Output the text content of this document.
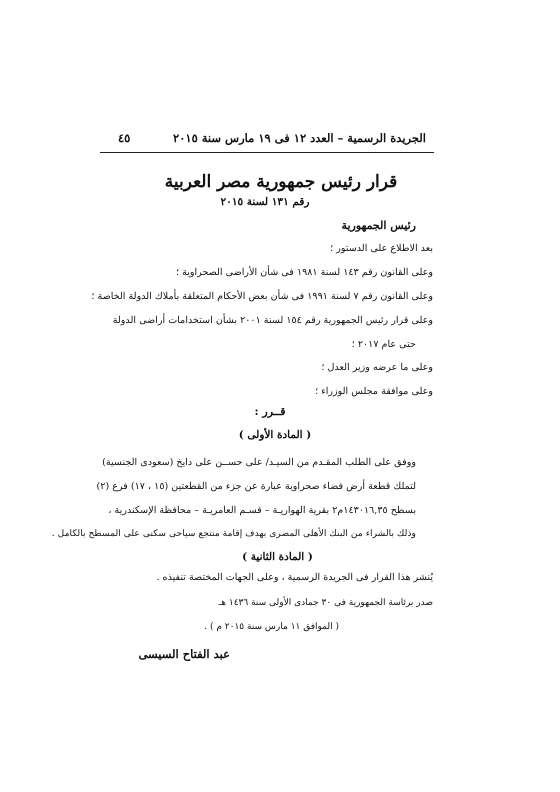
الجريدة الرسمية – العدد ١٢ فى ١٩ مارس سنة ٢٠١٥
٤٥
قرار رئيس جمهورية مصر العربية
رقم ١٣١ لسنة ٢٠١٥
رئيس الجمهورية
بعد الاطلاع على الدستور ؛
وعلى القانون رقم ١٤٣ لسنة ١٩٨١ فى شأن الأراضى الصحراوية ؛
وعلى القانون رقم ٧ لسنة ١٩٩١ فى شأن بعض الأحكام المتعلقة بأملاك الدولة الخاصة ؛
وعلى قرار رئيس الجمهورية رقم ١٥٤ لسنة ٢٠٠١ بشأن استخدامات أراضى الدولة
حتى عام ٢٠١٧ ؛
وعلى ما عرضه وزير العدل ؛
وعلى موافقة مجلس الوزراء ؛
قــرر :
( المادة الأولى )
ووفق على الطلب المقـدم من السيـد/ على حســن على دايخ (سعودى الجنسية)
لتملك قطعة أرض فضاء صحراوية عبارة عن جزء من القطعتين (١٥ ، ١٧) فرع (٢)
بسطح ١٤٣٠١٦,٣٥م٢ بقرية الهواريـة – قسـم العامريـة – محافظة الإسكندرية ،
وذلك بالشراء من البنك الأهلى المصرى بهدف إقامة منتجع سياحى سكنى على المسطح بالكامل .
( المادة الثانية )
يُنشر هذا القرار فى الجريدة الرسمية ، وعلى الجهات المختصة تنفيذه .
صدر برئاسة الجمهورية فى ٣٠ جمادى الأولى سنة ١٤٣٦ هـ
( الموافق ١١ مارس سنة ٢٠١٥ م ) .
عبد الفتاح السيسى
